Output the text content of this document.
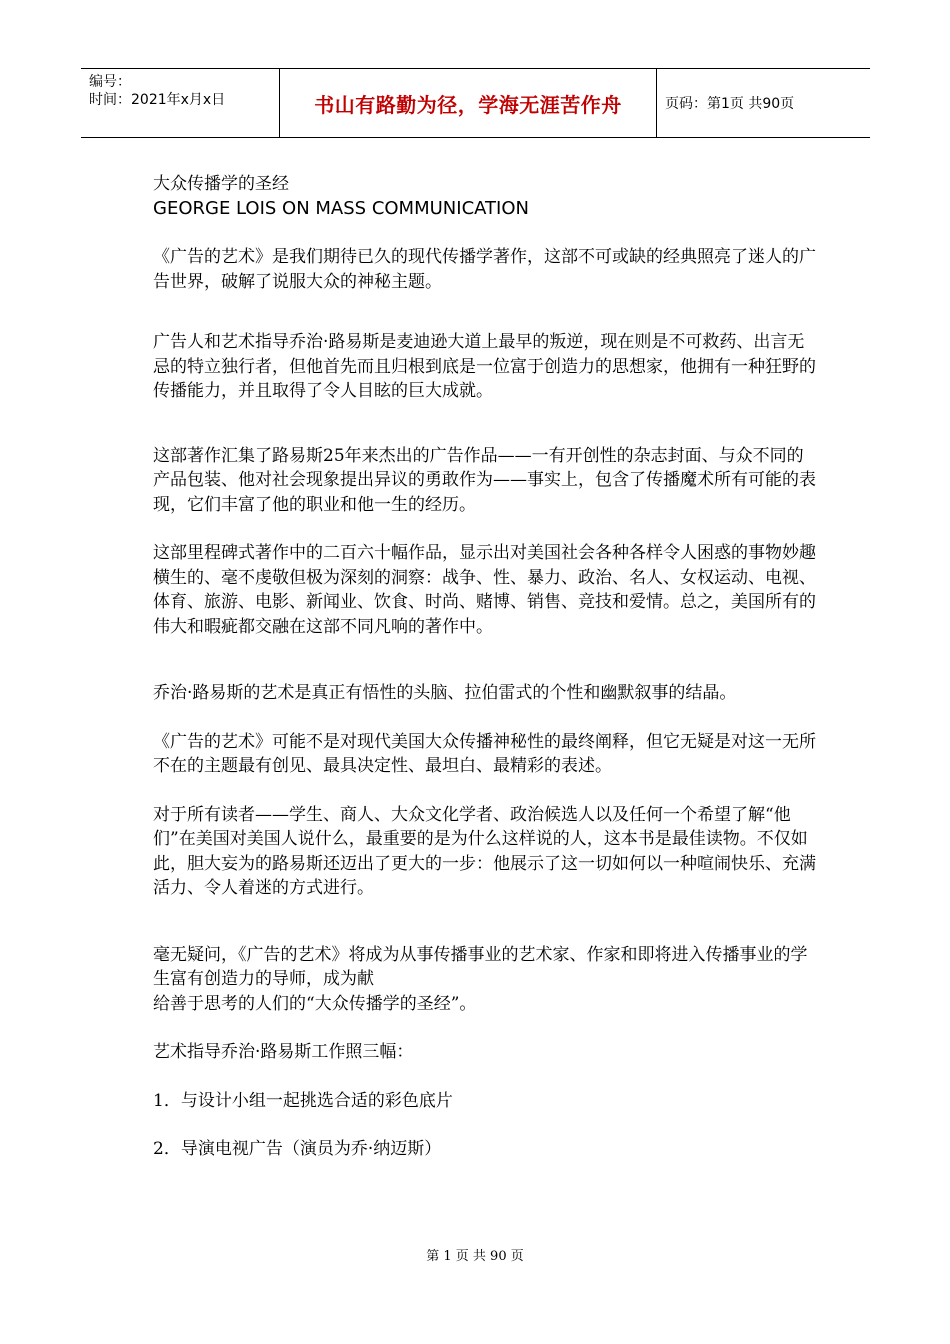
编号：
时间：2021年x月x日	书山有路勤为径，学海无涯苦作舟	页码：第1页 共90页

大众传播学的圣经

GEORGE LOIS ON MASS COMMUNICATION

《广告的艺术》是我们期待已久的现代传播学著作，这部不可或缺的经典照亮了迷人的广告世界，破解了说服大众的神秘主题。

广告人和艺术指导乔治·路易斯是麦迪逊大道上最早的叛逆，现在则是不可救药、出言无忌的特立独行者，但他首先而且归根到底是一位富于创造力的思想家，他拥有一种狂野的传播能力，并且取得了令人目眩的巨大成就。

这部著作汇集了路易斯25年来杰出的广告作品——一有开创性的杂志封面、与众不同的产品包装、他对社会现象提出异议的勇敢作为——事实上，包含了传播魔术所有可能的表现，它们丰富了他的职业和他一生的经历。

这部里程碑式著作中的二百六十幅作品，显示出对美国社会各种各样令人困惑的事物妙趣横生的、毫不虔敬但极为深刻的洞察：战争、性、暴力、政治、名人、女权运动、电视、体育、旅游、电影、新闻业、饮食、时尚、赌博、销售、竞技和爱情。总之，美国所有的伟大和暇疵都交融在这部不同凡响的著作中。

乔治·路易斯的艺术是真正有悟性的头脑、拉伯雷式的个性和幽默叙事的结晶。

《广告的艺术》可能不是对现代美国大众传播神秘性的最终阐释，但它无疑是对这一无所不在的主题最有创见、最具决定性、最坦白、最精彩的表述。

对于所有读者——学生、商人、大众文化学者、政治候选人以及任何一个希望了解“他们”在美国对美国人说什么，最重要的是为什么这样说的人，这本书是最佳读物。不仅如此，胆大妄为的路易斯还迈出了更大的一步：他展示了这一切如何以一种喧闹快乐、充满活力、令人着迷的方式进行。

毫无疑问，《广告的艺术》将成为从事传播事业的艺术家、作家和即将进入传播事业的学生富有创造力的导师，成为献

给善于思考的人们的“大众传播学的圣经”。

艺术指导乔治·路易斯工作照三幅：

1．与设计小组一起挑选合适的彩色底片

2．导演电视广告（演员为乔·纳迈斯）

第 1 页 共 90 页
